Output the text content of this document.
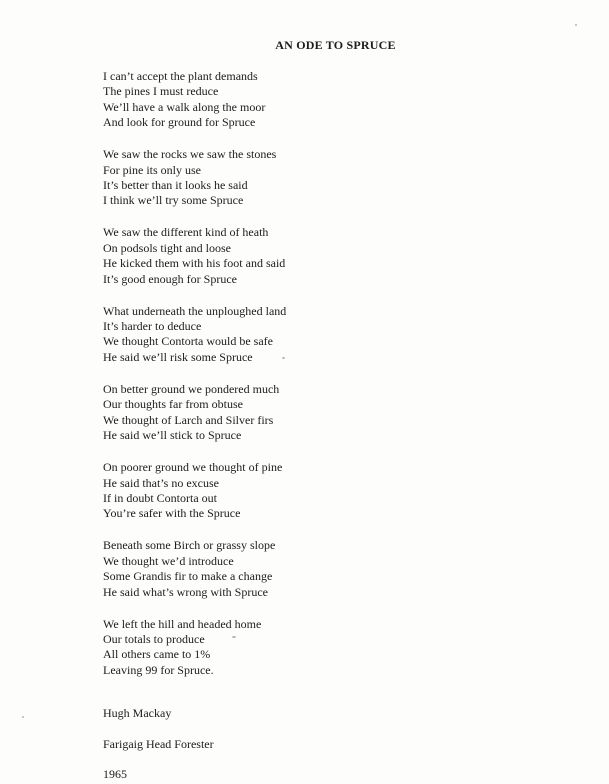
AN ODE TO SPRUCE
I can’t accept the plant demands
The pines I must reduce
We’ll have a walk along the moor
And look for ground for Spruce
We saw the rocks we saw the stones
For pine its only use
It’s better than it looks he said
I think we’ll try some Spruce
We saw the different kind of heath
On podsols tight and loose
He kicked them with his foot and said
It’s good enough for Spruce
What underneath the unploughed land
It’s harder to deduce
We thought Contorta would be safe
He said we’ll risk some Spruce
On better ground we pondered much
Our thoughts far from obtuse
We thought of Larch and Silver firs
He said we’ll stick to Spruce
On poorer ground we thought of pine
He said that’s no excuse
If in doubt Contorta out
You’re safer with the Spruce
Beneath some Birch or grassy slope
We thought we’d introduce
Some Grandis fir to make a change
He said what’s wrong with Spruce
We left the hill and headed home
Our totals to produce
All others came to 1%
Leaving 99 for Spruce.
Hugh Mackay
Farigaig Head Forester
1965
